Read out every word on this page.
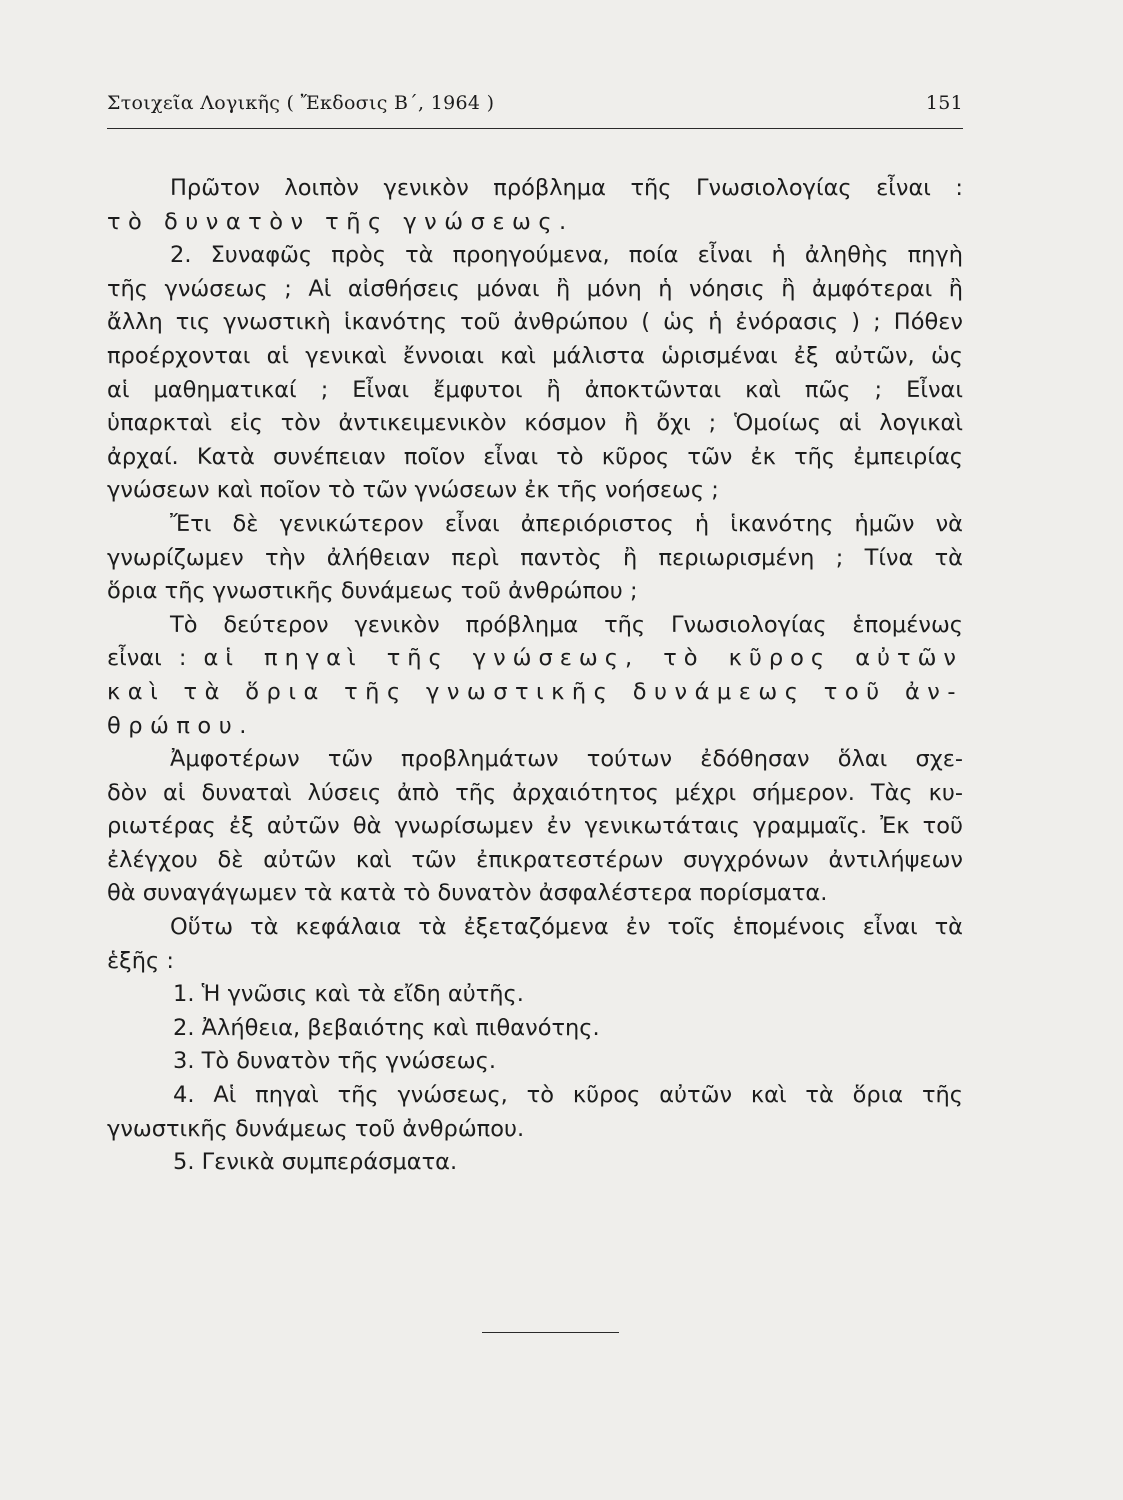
Στοιχεῖα Λογικῆς ( Ἔκδοσις Β΄, 1964 )	151
Πρῶτον λοιπὸν γενικὸν πρόβλημα τῆς Γνωσιολογίας εἶναι :
τὸ δυνατὸν τῆς γνώσεως.
2. Συναφῶς πρὸς τὰ προηγούμενα, ποία εἶναι ἡ ἀληθὴς πηγὴ
τῆς γνώσεως ; Αἱ αἰσθήσεις μόναι ἢ μόνη ἡ νόησις ἢ ἀμφότεραι ἢ
ἄλλη τις γνωστικὴ ἱκανότης τοῦ ἀνθρώπου ( ὡς ἡ ἐνόρασις ) ; Πόθεν
προέρχονται αἱ γενικαὶ ἔννοιαι καὶ μάλιστα ὡρισμέναι ἐξ αὐτῶν, ὡς
αἱ μαθηματικαί ; Εἶναι ἔμφυτοι ἢ ἀποκτῶνται καὶ πῶς ; Εἶναι
ὑπαρκταὶ εἰς τὸν ἀντικειμενικὸν κόσμον ἢ ὄχι ; Ὁμοίως αἱ λογικαὶ
ἀρχαί. Κατὰ συνέπειαν ποῖον εἶναι τὸ κῦρος τῶν ἐκ τῆς ἐμπειρίας
γνώσεων καὶ ποῖον τὸ τῶν γνώσεων ἐκ τῆς νοήσεως ;
Ἔτι δὲ γενικώτερον εἶναι ἀπεριόριστος ἡ ἱκανότης ἡμῶν νὰ
γνωρίζωμεν τὴν ἀλήθειαν περὶ παντὸς ἢ περιωρισμένη ; Τίνα τὰ
ὅρια τῆς γνωστικῆς δυνάμεως τοῦ ἀνθρώπου ;
Τὸ δεύτερον γενικὸν πρόβλημα τῆς Γνωσιολογίας ἑπομένως
εἶναι : αἱ πηγαὶ τῆς γνώσεως, τὸ κῦρος αὐτῶν
καὶ τὰ ὅρια τῆς γνωστικῆς δυνάμεως τοῦ ἀν-
θρώπου.
Ἀμφοτέρων τῶν προβλημάτων τούτων ἐδόθησαν ὅλαι σχε-
δὸν αἱ δυναταὶ λύσεις ἀπὸ τῆς ἀρχαιότητος μέχρι σήμερον. Τὰς κυ-
ριωτέρας ἐξ αὐτῶν θὰ γνωρίσωμεν ἐν γενικωτάταις γραμμαῖς. Ἐκ τοῦ
ἐλέγχου δὲ αὐτῶν καὶ τῶν ἐπικρατεστέρων συγχρόνων ἀντιλήψεων
θὰ συναγάγωμεν τὰ κατὰ τὸ δυνατὸν ἀσφαλέστερα πορίσματα.
Οὕτω τὰ κεφάλαια τὰ ἐξεταζόμενα ἐν τοῖς ἑπομένοις εἶναι τὰ
ἑξῆς :
1. Ἡ γνῶσις καὶ τὰ εἴδη αὐτῆς.
2. Ἀλήθεια, βεβαιότης καὶ πιθανότης.
3. Τὸ δυνατὸν τῆς γνώσεως.
4. Αἱ πηγαὶ τῆς γνώσεως, τὸ κῦρος αὐτῶν καὶ τὰ ὅρια τῆς
γνωστικῆς δυνάμεως τοῦ ἀνθρώπου.
5. Γενικὰ συμπεράσματα.
